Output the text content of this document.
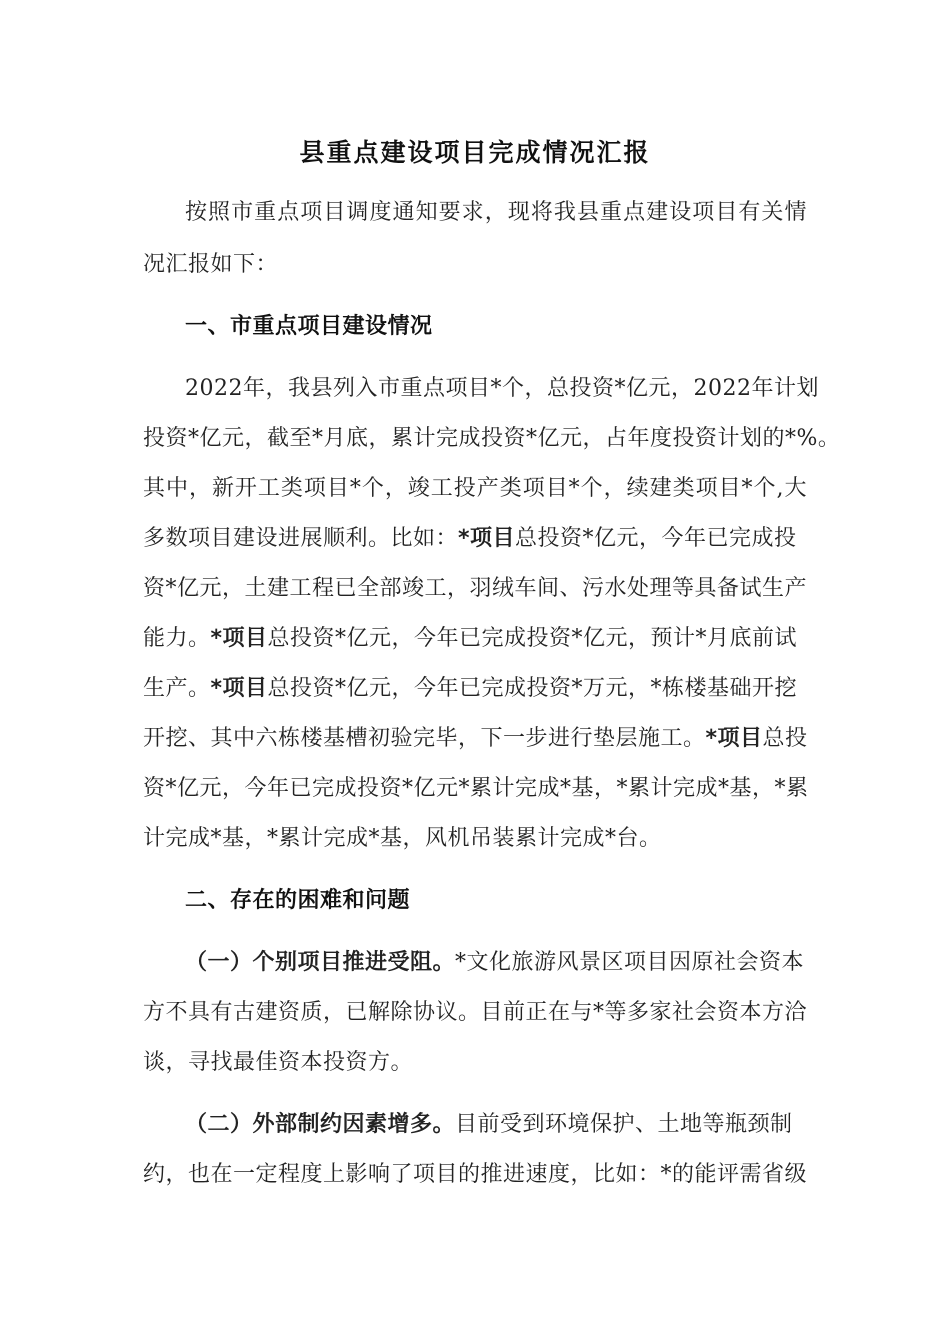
县重点建设项目完成情况汇报
按照市重点项目调度通知要求，现将我县重点建设项目有关情
况汇报如下：
一、市重点项目建设情况
2022年，我县列入市重点项目*个，总投资*亿元，2022年计划
投资*亿元，截至*月底，累计完成投资*亿元，占年度投资计划的*%。
其中，新开工类项目*个，竣工投产类项目*个，续建类项目*个,大
多数项目建设进展顺利。比如：*项目总投资*亿元，今年已完成投
资*亿元，土建工程已全部竣工，羽绒车间、污水处理等具备试生产
能力。*项目总投资*亿元，今年已完成投资*亿元，预计*月底前试
生产。*项目总投资*亿元，今年已完成投资*万元，*栋楼基础开挖
开挖、其中六栋楼基槽初验完毕，下一步进行垫层施工。*项目总投
资*亿元，今年已完成投资*亿元*累计完成*基，*累计完成*基，*累
计完成*基，*累计完成*基，风机吊装累计完成*台。
二、存在的困难和问题
（一）个别项目推进受阻。*文化旅游风景区项目因原社会资本
方不具有古建资质，已解除协议。目前正在与*等多家社会资本方洽
谈，寻找最佳资本投资方。
（二）外部制约因素增多。目前受到环境保护、土地等瓶颈制
约，也在一定程度上影响了项目的推进速度，比如：*的能评需省级
